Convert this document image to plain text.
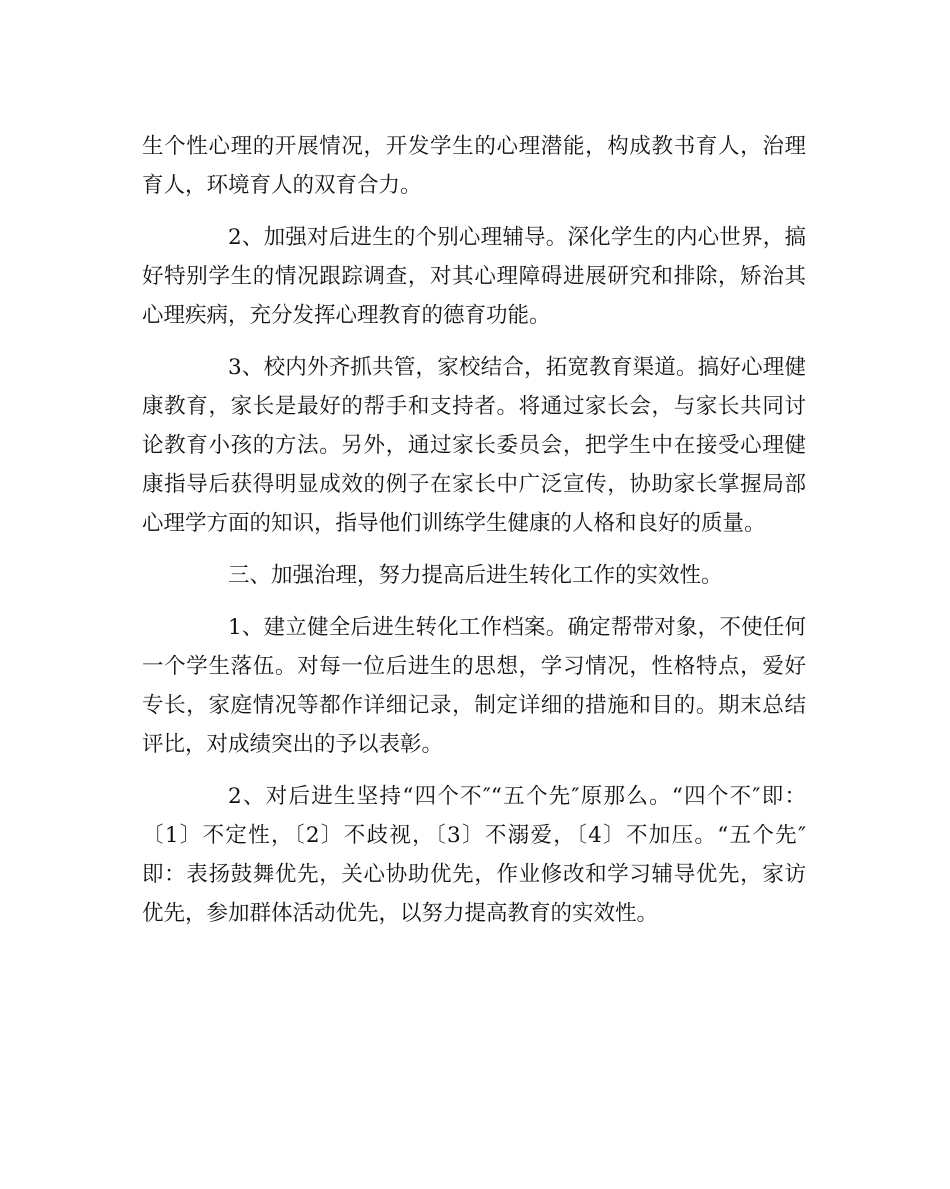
生个性心理的开展情况，开发学生的心理潜能，构成教书育人，治理育人，环境育人的双育合力。

2、加强对后进生的个别心理辅导。深化学生的内心世界，搞好特别学生的情况跟踪调查，对其心理障碍进展研究和排除，矫治其心理疾病，充分发挥心理教育的德育功能。

3、校内外齐抓共管，家校结合，拓宽教育渠道。搞好心理健康教育，家长是最好的帮手和支持者。将通过家长会，与家长共同讨论教育小孩的方法。另外，通过家长委员会，把学生中在接受心理健康指导后获得明显成效的例子在家长中广泛宣传，协助家长掌握局部心理学方面的知识，指导他们训练学生健康的人格和良好的质量。

三、加强治理，努力提高后进生转化工作的实效性。

1、建立健全后进生转化工作档案。确定帮带对象，不使任何一个学生落伍。对每一位后进生的思想，学习情况，性格特点，爱好专长，家庭情况等都作详细记录，制定详细的措施和目的。期末总结评比，对成绩突出的予以表彰。

2、对后进生坚持“四个不″“五个先″原那么。“四个不″即：〔1〕不定性，〔2〕不歧视，〔3〕不溺爱，〔4〕不加压。“五个先″即：表扬鼓舞优先，关心协助优先，作业修改和学习辅导优先，家访优先，参加群体活动优先，以努力提高教育的实效性。
